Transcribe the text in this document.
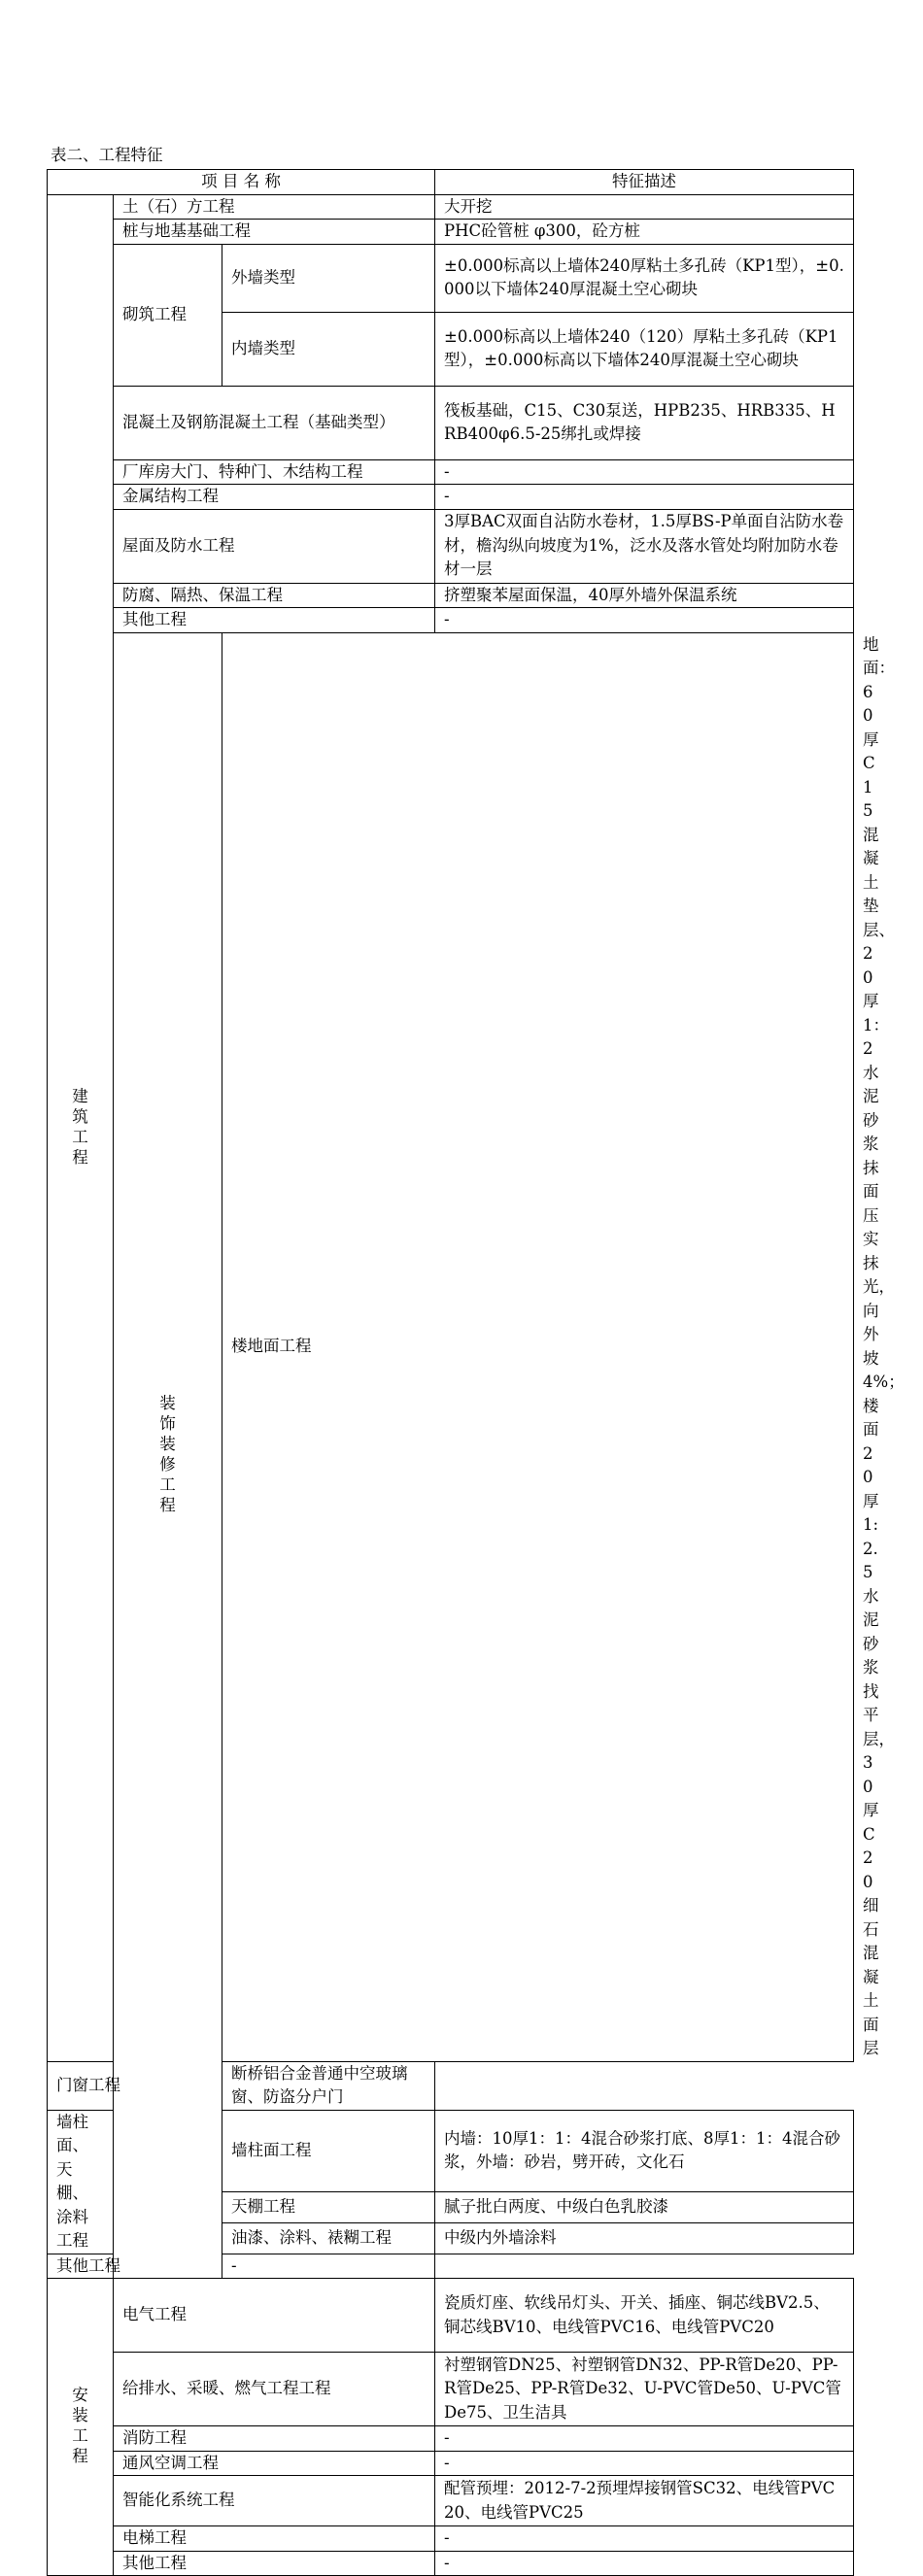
表二、工程特征
项 目 名 称			特征描述	
建筑工程	土（石）方工程		大开挖	
	桩与地基基础工程		PHC砼管桩 φ300，砼方桩	
	砌筑工程	外墙类型	±0.000标高以上墙体240厚粘土多孔砖（KP1型），±0.000以下墙体240厚混凝土空心砌块	
		内墙类型	±0.000标高以上墙体240（120）厚粘土多孔砖（KP1型），±0.000标高以下墙体240厚混凝土空心砌块	
	混凝土及钢筋混凝土工程（基础类型）		筏板基础，C15、C30泵送，HPB235、HRB335、HRB400φ6.5-25绑扎或焊接	
	厂库房大门、特种门、木结构工程		-	
	金属结构工程		-	
	屋面及防水工程		3厚BAC双面自沾防水卷材，1.5厚BS-P单面自沾防水卷材，檐沟纵向坡度为1%，泛水及落水管处均附加防水卷材一层	
	防腐、隔热、保温工程		挤塑聚苯屋面保温，40厚外墙外保温系统	
	其他工程		-	
	装饰装修工程	楼地面工程		地面：60厚C15混凝土垫层、20厚1：2水泥砂浆抹面压实抹光，向外坡4%；楼面20厚1:2.5水泥砂浆找平层，30厚C20细石混凝土面层
门窗工程		断桥铝合金普通中空玻璃窗、防盗分户门		
墙柱面、天棚、涂料工程		墙柱面工程	内墙：10厚1：1：4混合砂浆打底、8厚1：1：4混合砂浆，外墙：砂岩，劈开砖，文化石	
		天棚工程	腻子批白两度、中级白色乳胶漆	
		油漆、涂料、裱糊工程	中级内外墙涂料	
其他工程		-		
安装工程	电气工程		瓷质灯座、软线吊灯头、开关、插座、铜芯线BV2.5、铜芯线BV10、电线管PVC16、电线管PVC20	
	给排水、采暖、燃气工程工程		衬塑钢管DN25、衬塑钢管DN32、PP-R管De20、PP-R管De25、PP-R管De32、U-PVC管De50、U-PVC管De75、卫生洁具	
	消防工程		-	
	通风空调工程		-	
	智能化系统工程		配管预埋：2012-7-2预埋焊接钢管SC32、电线管PVC20、电线管PVC25	
	电梯工程		-	
	其他工程		-	
